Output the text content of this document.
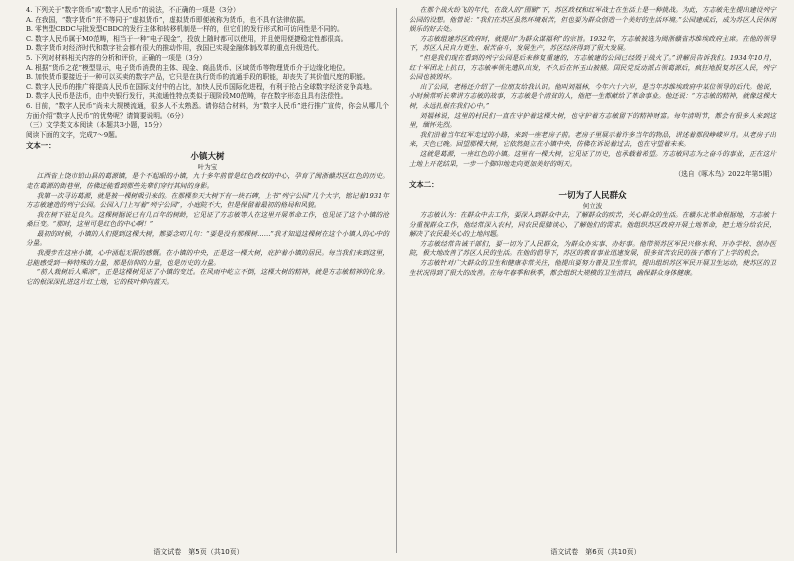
4. 下列关于“数字货币”或“数字人民币”的说法，不正确的一项是（3分）

A. 在我国，“数字货币”并不等同于“虚拟货币”，虚拟货币即便被称为货币，也不具有法律依据。

B. 零售型CBDC与批发型CBDC的发行主体和转移机制是一样的，但它们的发行形式和可访问性是不同的。

C. 数字人民币属于M0范畴，相当于一种“电子现金”，投放上随时都可以使用，并且使用便捷稳定性都很高。

D. 数字货币对经济时代和数字社会都有很大的推动作用，我国已实现金融体制改革的重点升级迭代。

5. 下列对材料相关内容的分析和评价，正确的一项是（3分）

A. 根据“货币之花”模型显示，电子货币消费的主体、现金、商品货币、区域货币等物理货币介于边缘化地位。

B. 加快货币要接近于一种可以买卖的数字产品，它只是在执行货币的流通手段的职能，却丧失了其价值尺度的职能。

C. 数字人民币的推广将提高人民币在国际支付中的占比，加快人民币国际化进程，有利于抢占全球数字经济竞争高地。

D. 数字人民币是法币，由中央银行发行，其流通性特点类似于现阶段M0范畴，存在数字形态且具有法偿性。

6. 目前，“数字人民币”尚未大规模流通，很多人不太熟悉。请你结合材料，为“数字人民币”进行推广宣传，你会从哪几个方面介绍“数字人民币”的优势呢？请简要说明。（6分）

（三）文学类文本阅读（本题共3小题，15分）

阅读下面的文字，完成7～9题。

文本一：

小镇大树

叶为宝

江西省上饶市铅山县的葛源镇，是个不起眼的小镇，九十多年前曾是红色政权的中心，孕育了闽浙赣苏区红色的历史。走在葛源的街巷里，仿佛还能看到那些先辈们穿行其间的身影。

我第一次寻访葛源，就是被一棵树吸引来的。在那棵参天大树下有一块石碑，上书“列宁公园”几个大字，铭记着1931年方志敏建造的列宁公园。公园入门上写着“列宁公园”，小庭院不大，但是保留着最初的格局和风貌。

我在树下驻足良久。这棵树据说已有几百年的树龄，它见证了方志敏等人在这里开展革命工作，也见证了这个小镇的沧桑巨变。“那时，这里可是红色的中心啊！”

最初的时候，小镇的人们提到这棵大树，都要念叨几句：“要是没有那棵树……”我才知道这棵树在这个小镇人的心中的分量。

我漫步在这座小镇，心中涌起无限的感慨。在小镇的中央，正是这一棵大树，庇护着小镇的居民。每当我们来到这里，总能感受到一种特殊的力量，那是信仰的力量，也是历史的力量。

“前人栽树后人乘凉”，正是这棵树见证了小镇的变迁。在风雨中屹立不倒，这棵大树的精神，就是方志敏精神的化身。它的根深深扎进这片红土地，它的枝叶伸向蓝天。

语文试卷　第5页（共10页）

在那个战火纷飞的年代，在敌人的“围剿”下，苏区政权和红军战士在生活上是一种挑战。为此，方志敏先生提出建设列宁公园的设想。他曾说：“我们在苏区虽然环境艰苦，但也要为群众创造一个美好的生活环境。”公园建成后，成为苏区人民休闲娱乐的好去处。

方志敏组建苏区政府时，就提出“为群众谋福利”的宗旨。1932年，方志敏被选为闽浙赣省苏维埃政府主席。在他的领导下，苏区人民自力更生、艰苦奋斗，发展生产，苏区经济得到了很大发展。

“但是我们现在看到的列宁公园是后来修复重建的，方志敏建的公园已经毁于战火了。”讲解员告诉我们。1934年10月，红十军团北上抗日，方志敏率领先遣队出发，不久后在怀玉山被捕。国民党反动派占领葛源后，疯狂地报复苏区人民，列宁公园也被毁坏。

出了公园，老杨还介绍了一位朋友给我认识。他叫刘福林，今年六十六岁，是当年苏维埃政府中某位领导的后代。他说，小时候常听长辈讲方志敏的故事，方志敏是个清贫的人，他把一生都献给了革命事业。他还说：“方志敏的精神，就像这棵大树，永远扎根在我们心中。”

刘福林说，这里的村民们一直在守护着这棵大树，也守护着方志敏留下的精神财富。每年清明节，都会有很多人来到这里，缅怀先烈。

我们沿着当年红军走过的小路，来到一座老房子前。老房子里展示着许多当年的物品，讲述着那段峥嵘岁月。从老房子出来，天色已晚。回望那棵大树，它依然挺立在小镇中央，仿佛在诉说着过去，也在守望着未来。

这就是葛源，一座红色的小镇。这里有一棵大树，它见证了历史，也承载着希望。方志敏同志为之奋斗的事业，正在这片土地上开花结果，一步一个脚印地走向更加美好的明天。

（选自《啄木鸟》2022年第5期）

文本二：

一切为了人民群众

何立波

方志敏认为：在群众中去工作，要深入到群众中去，了解群众的疾苦，关心群众的生活。在赣东北革命根据地，方志敏十分重视群众工作，他经常深入农村，同农民促膝谈心，了解他们的需求。他组织苏区政府开展土地革命，把土地分给农民，解决了农民最关心的土地问题。

方志敏经常告诫干部们，要一切为了人民群众，为群众办实事、办好事。他带领苏区军民兴修水利、开办学校、创办医院，极大地改善了苏区人民的生活。在他的倡导下，苏区的教育事业迅速发展，很多贫苦农民的孩子都有了上学的机会。

方志敏针对广大群众的卫生和健康非常关注，他提出要努力普及卫生常识，提出组织苏区军民开展卫生运动，使苏区的卫生状况得到了很大的改善。在每年春季和秋季，都会组织大规模的卫生清扫，确保群众身体健康。

语文试卷　第6页（共10页）
